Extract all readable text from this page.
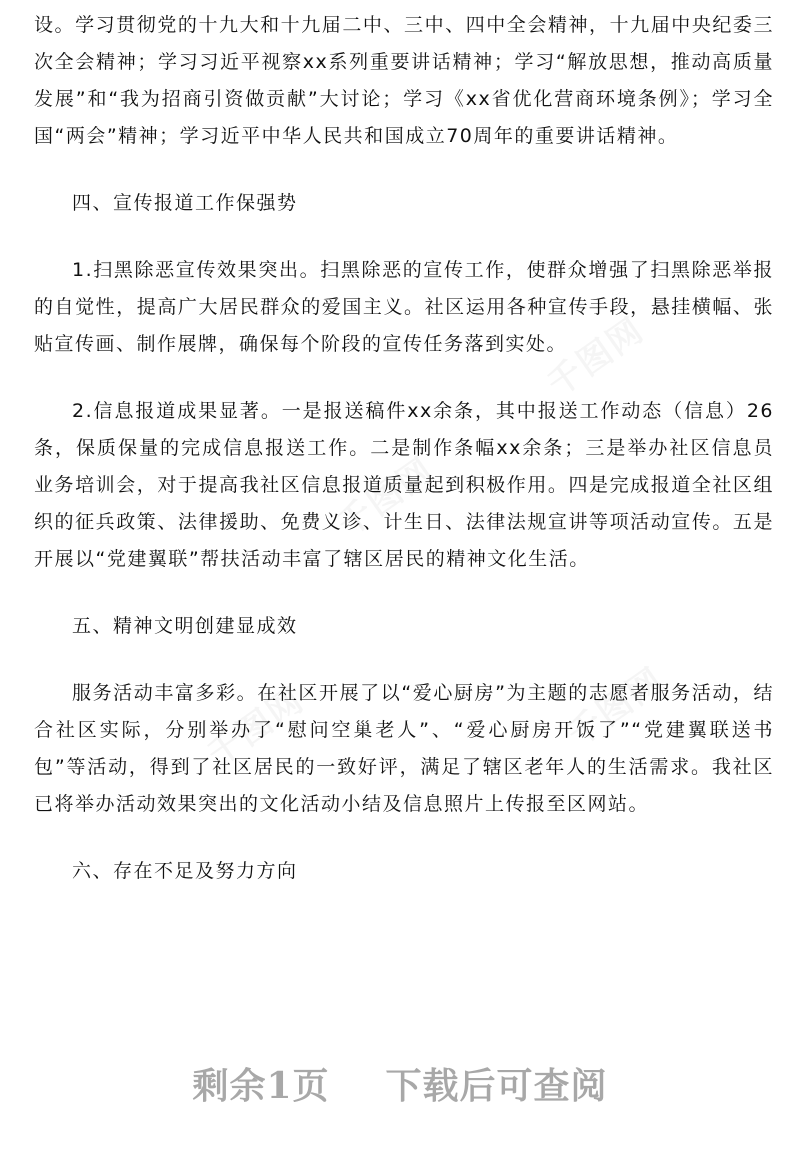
千图网
千图网
千图网
千图网

设。学习贯彻党的十九大和十九届二中、三中、四中全会精神，十九届中央纪委三次全会精神；学习习近平视察xx系列重要讲话精神；学习“解放思想，推动高质量发展”和“我为招商引资做贡献”大讨论；学习《xx省优化营商环境条例》；学习全国“两会”精神；学习近平中华人民共和国成立70周年的重要讲话精神。

四、宣传报道工作保强势

1.扫黑除恶宣传效果突出。扫黑除恶的宣传工作，使群众增强了扫黑除恶举报的自觉性，提高广大居民群众的爱国主义。社区运用各种宣传手段，悬挂横幅、张贴宣传画、制作展牌，确保每个阶段的宣传任务落到实处。

2.信息报道成果显著。一是报送稿件xx余条，其中报送工作动态（信息）26条，保质保量的完成信息报送工作。二是制作条幅xx余条；三是举办社区信息员业务培训会，对于提高我社区信息报道质量起到积极作用。四是完成报道全社区组织的征兵政策、法律援助、免费义诊、计生日、法律法规宣讲等项活动宣传。五是开展以“党建翼联”帮扶活动丰富了辖区居民的精神文化生活。

五、精神文明创建显成效

服务活动丰富多彩。在社区开展了以“爱心厨房”为主题的志愿者服务活动，结合社区实际，分别举办了“慰问空巢老人”、“爱心厨房开饭了”“党建翼联送书包”等活动，得到了社区居民的一致好评，满足了辖区老年人的生活需求。我社区已将举办活动效果突出的文化活动小结及信息照片上传报至区网站。

六、存在不足及努力方向

剩余1页 下载后可查阅
